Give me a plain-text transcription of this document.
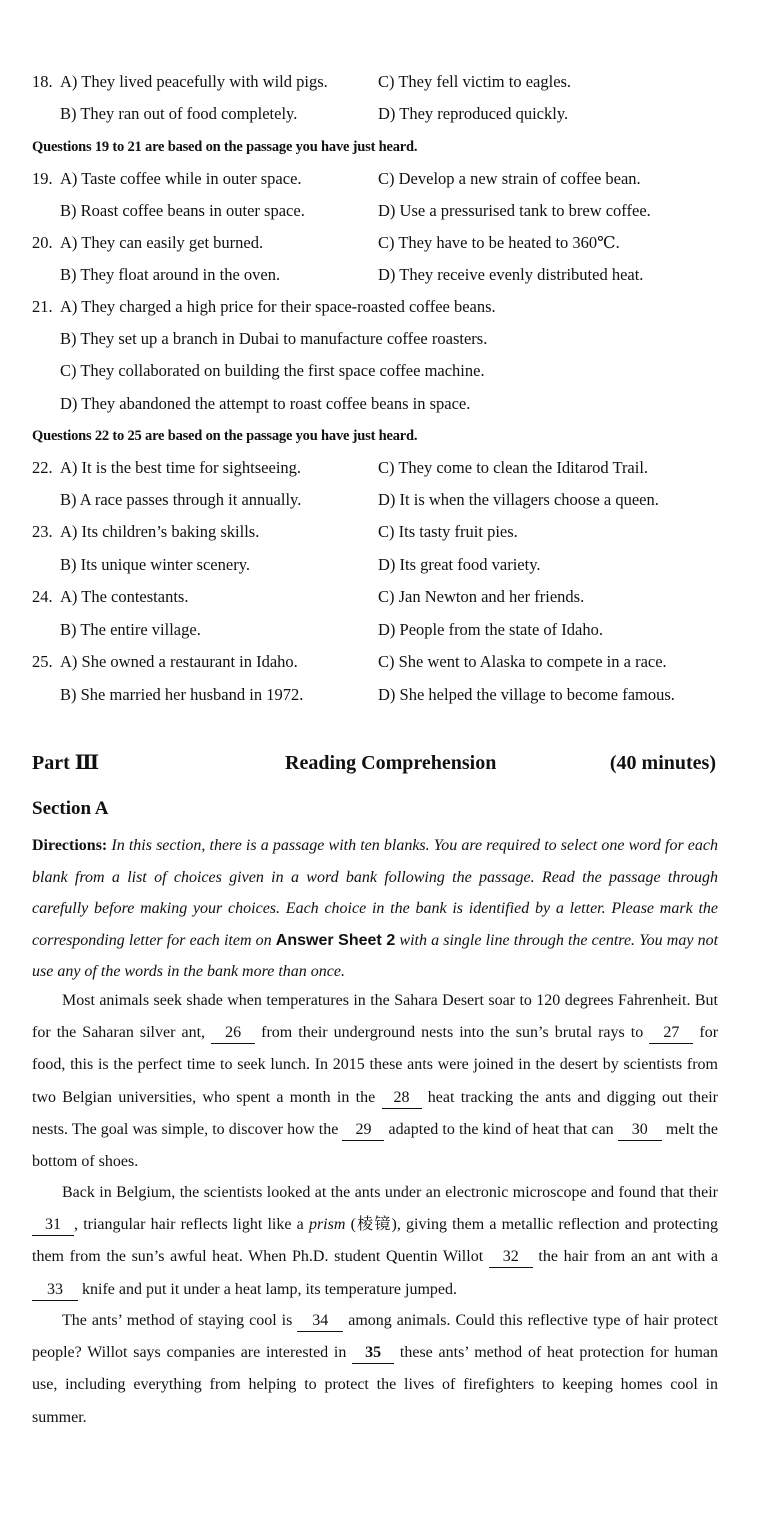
18. A) They lived peacefully with wild pigs.	C) They fell victim to eagles.
B) They ran out of food completely.	D) They reproduced quickly.
Questions 19 to 21 are based on the passage you have just heard.
19. A) Taste coffee while in outer space.	C) Develop a new strain of coffee bean.
B) Roast coffee beans in outer space.	D) Use a pressurised tank to brew coffee.
20. A) They can easily get burned.	C) They have to be heated to 360℃.
B) They float around in the oven.	D) They receive evenly distributed heat.
21. A) They charged a high price for their space-roasted coffee beans.
B) They set up a branch in Dubai to manufacture coffee roasters.
C) They collaborated on building the first space coffee machine.
D) They abandoned the attempt to roast coffee beans in space.
Questions 22 to 25 are based on the passage you have just heard.
22. A) It is the best time for sightseeing.	C) They come to clean the Iditarod Trail.
B) A race passes through it annually.	D) It is when the villagers choose a queen.
23. A) Its children’s baking skills.	C) Its tasty fruit pies.
B) Its unique winter scenery.	D) Its great food variety.
24. A) The contestants.	C) Jan Newton and her friends.
B) The entire village.	D) People from the state of Idaho.
25. A) She owned a restaurant in Idaho.	C) She went to Alaska to compete in a race.
B) She married her husband in 1972.	D) She helped the village to become famous.
Part Ⅲ	Reading Comprehension	(40 minutes)
Section A
Directions: In this section, there is a passage with ten blanks. You are required to select one word for each blank from a list of choices given in a word bank following the passage. Read the passage through carefully before making your choices. Each choice in the bank is identified by a letter. Please mark the corresponding letter for each item on Answer Sheet 2 with a single line through the centre. You may not use any of the words in the bank more than once.
Most animals seek shade when temperatures in the Sahara Desert soar to 120 degrees Fahrenheit. But for the Saharan silver ant, 26 from their underground nests into the sun’s brutal rays to 27 for food, this is the perfect time to seek lunch. In 2015 these ants were joined in the desert by scientists from two Belgian universities, who spent a month in the 28 heat tracking the ants and digging out their nests. The goal was simple, to discover how the 29 adapted to the kind of heat that can 30 melt the bottom of shoes.
Back in Belgium, the scientists looked at the ants under an electronic microscope and found that their 31 , triangular hair reflects light like a prism (棱镜), giving them a metallic reflection and protecting them from the sun’s awful heat. When Ph.D. student Quentin Willot 32 the hair from an ant with a 33 knife and put it under a heat lamp, its temperature jumped.
The ants’ method of staying cool is 34 among animals. Could this reflective type of hair protect people? Willot says companies are interested in 35 these ants’ method of heat protection for human use, including everything from helping to protect the lives of firefighters to keeping homes cool in summer.
